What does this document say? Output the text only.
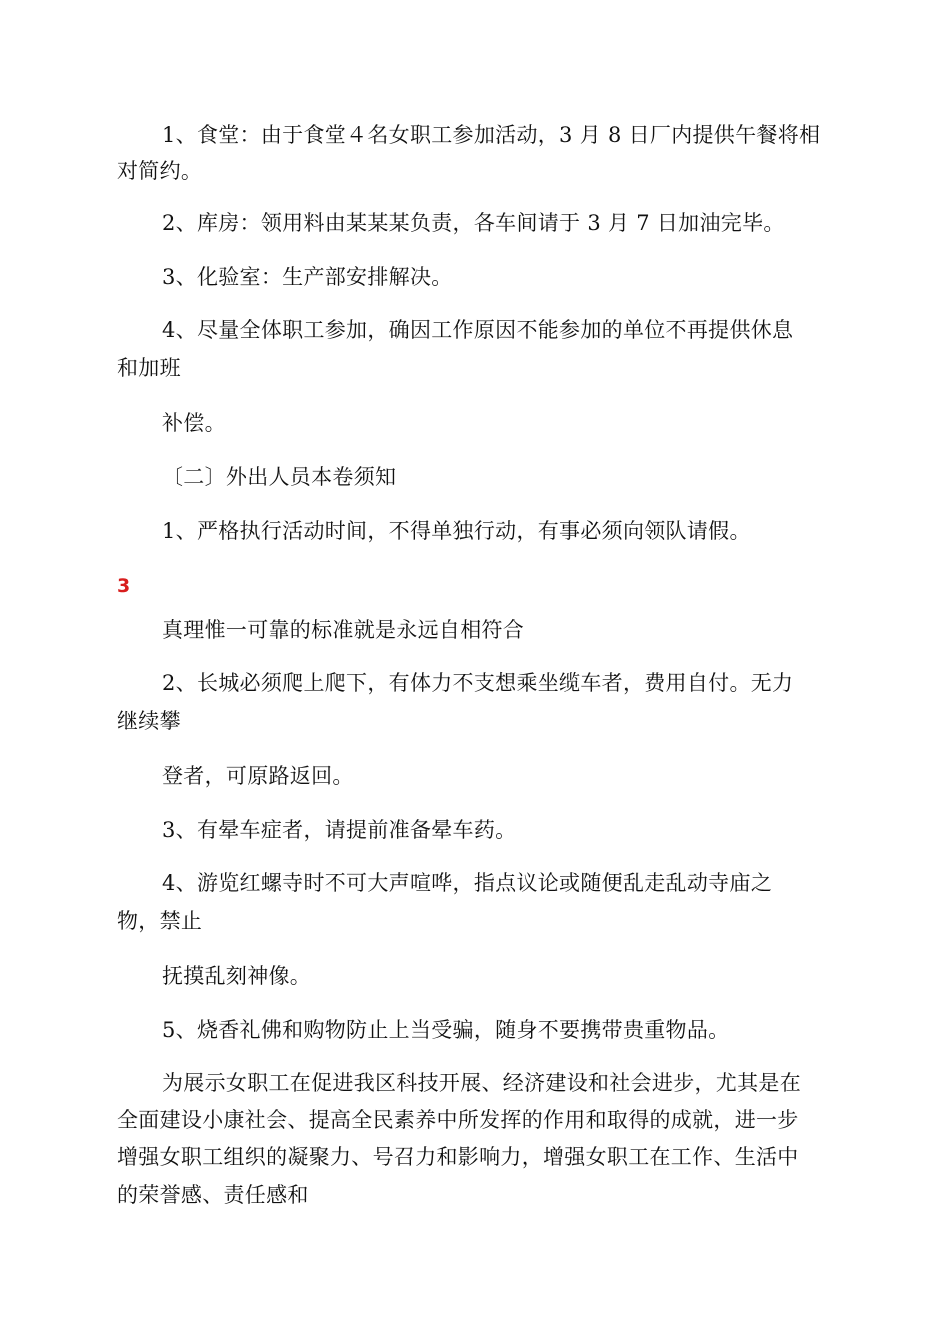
1、食堂：由于食堂４名女职工参加活动，3 月 8 日厂内提供午餐将相

对简约。

2、库房：领用料由某某某负责，各车间请于 3 月 7 日加油完毕。

3、化验室：生产部安排解决。

4、尽量全体职工参加，确因工作原因不能参加的单位不再提供休息

和加班

补偿。

〔二〕外出人员本卷须知

1、严格执行活动时间，不得单独行动，有事必须向领队请假。

3

真理惟一可靠的标准就是永远自相符合

2、长城必须爬上爬下，有体力不支想乘坐缆车者，费用自付。无力

继续攀

登者，可原路返回。

3、有晕车症者，请提前准备晕车药。

4、游览红螺寺时不可大声喧哗，指点议论或随便乱走乱动寺庙之

物，禁止

抚摸乱刻神像。

5、烧香礼佛和购物防止上当受骗，随身不要携带贵重物品。

为展示女职工在促进我区科技开展、经济建设和社会进步，尤其是在

全面建设小康社会、提高全民素养中所发挥的作用和取得的成就，进一步

增强女职工组织的凝聚力、号召力和影响力，增强女职工在工作、生活中

的荣誉感、责任感和
